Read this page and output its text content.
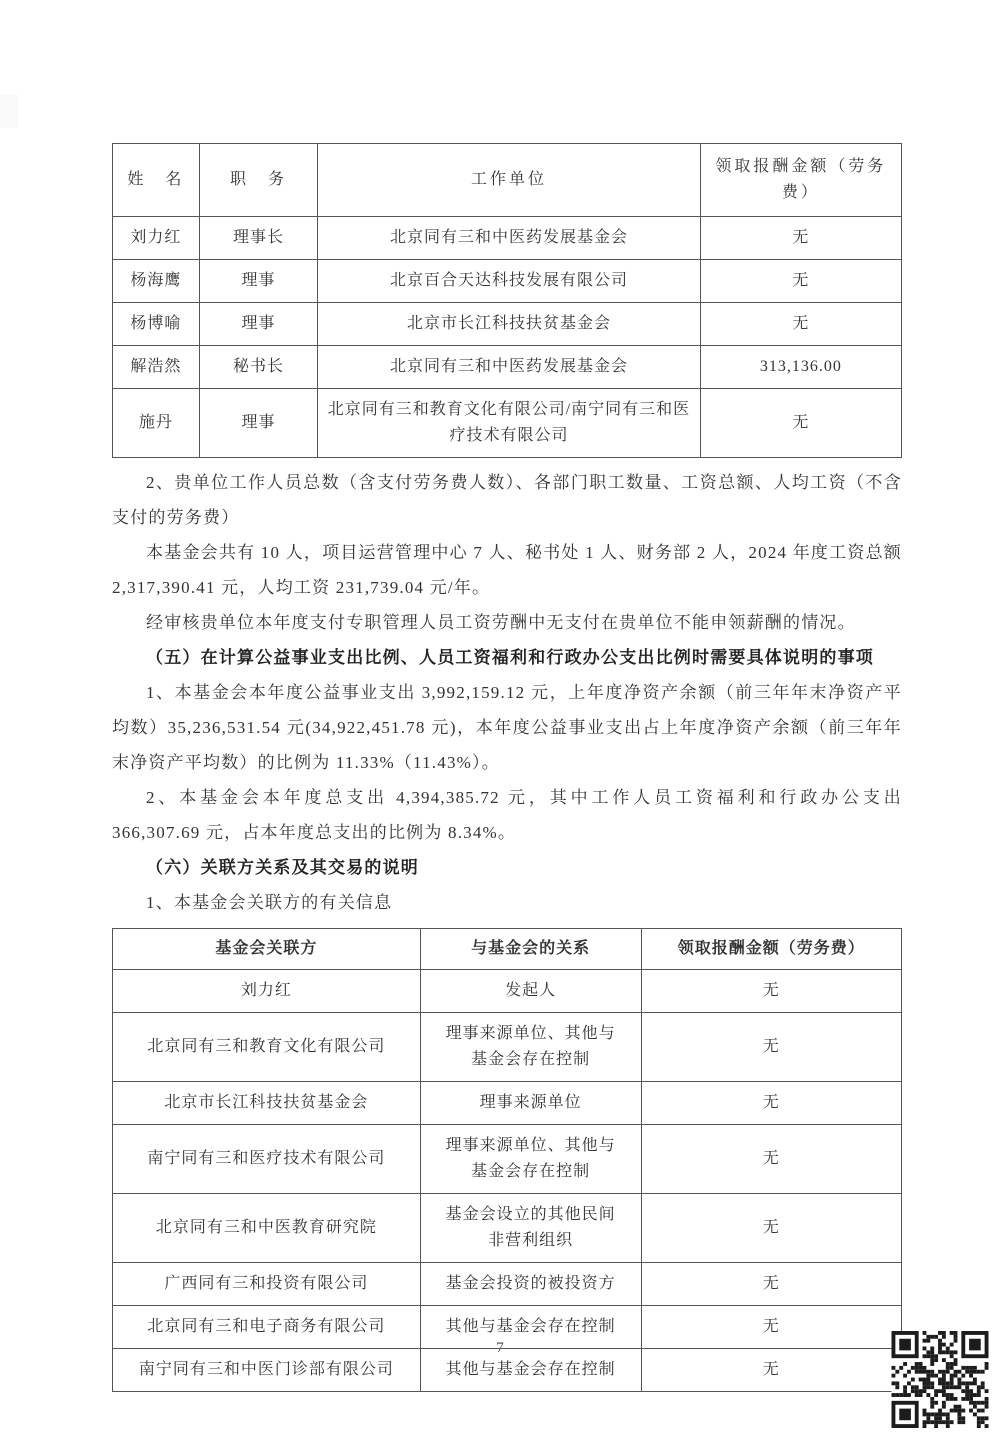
姓　名	职　务	工作单位	领取报酬金额（劳务费）
刘力红	理事长	北京同有三和中医药发展基金会	无
杨海鹰	理事	北京百合天达科技发展有限公司	无
杨博喻	理事	北京市长江科技扶贫基金会	无
解浩然	秘书长	北京同有三和中医药发展基金会	313,136.00
施丹	理事	北京同有三和教育文化有限公司/南宁同有三和医疗技术有限公司	无

2、贵单位工作人员总数（含支付劳务费人数）、各部门职工数量、工资总额、人均工资（不含支付的劳务费）

本基金会共有 10 人，项目运营管理中心 7 人、秘书处 1 人、财务部 2 人，2024 年度工资总额 2,317,390.41 元，人均工资 231,739.04 元/年。

经审核贵单位本年度支付专职管理人员工资劳酬中无支付在贵单位不能申领薪酬的情况。

（五）在计算公益事业支出比例、人员工资福利和行政办公支出比例时需要具体说明的事项

1、本基金会本年度公益事业支出 3,992,159.12 元，上年度净资产余额（前三年年末净资产平均数）35,236,531.54 元(34,922,451.78 元)，本年度公益事业支出占上年度净资产余额（前三年年末净资产平均数）的比例为 11.33%（11.43%）。

2、本基金会本年度总支出 4,394,385.72 元，其中工作人员工资福利和行政办公支出 366,307.69 元，占本年度总支出的比例为 8.34%。

（六）关联方关系及其交易的说明

1、本基金会关联方的有关信息

基金会关联方	与基金会的关系	领取报酬金额（劳务费）
刘力红	发起人	无
北京同有三和教育文化有限公司	理事来源单位、其他与基金会存在控制	无
北京市长江科技扶贫基金会	理事来源单位	无
南宁同有三和医疗技术有限公司	理事来源单位、其他与基金会存在控制	无
北京同有三和中医教育研究院	基金会设立的其他民间非营利组织	无
广西同有三和投资有限公司	基金会投资的被投资方	无
北京同有三和电子商务有限公司	其他与基金会存在控制	无
南宁同有三和中医门诊部有限公司	其他与基金会存在控制	无
7
